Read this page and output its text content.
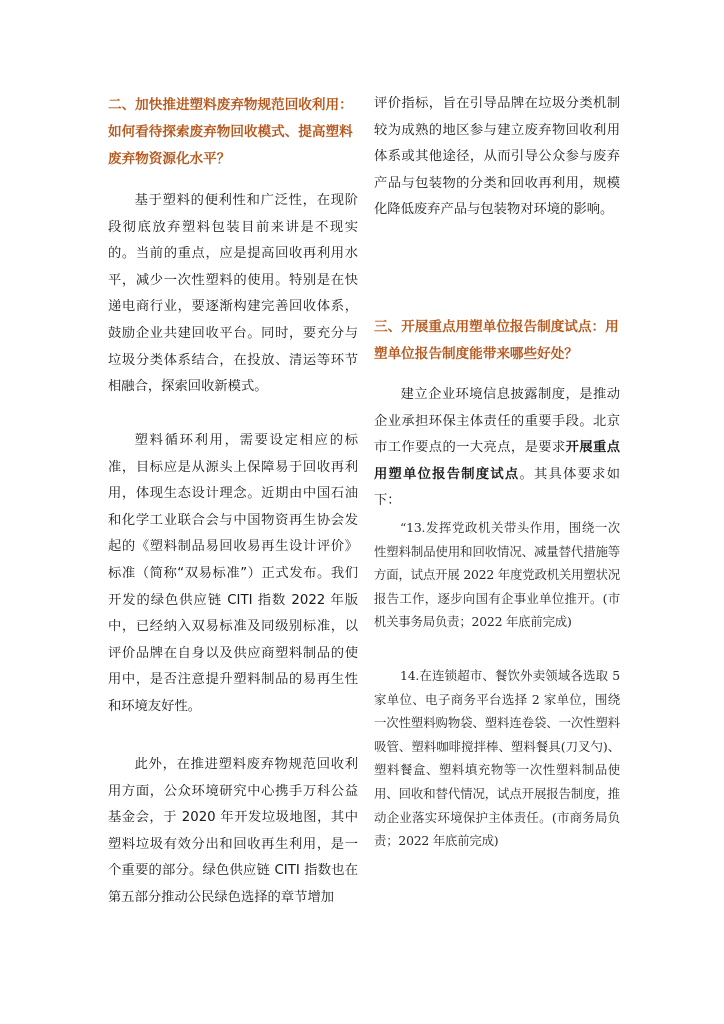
二、加快推进塑料废弃物规范回收利用：如何看待探索废弃物回收模式、提高塑料废弃物资源化水平？

基于塑料的便利性和广泛性，在现阶段彻底放弃塑料包装目前来讲是不现实的。当前的重点，应是提高回收再利用水平，减少一次性塑料的使用。特别是在快递电商行业，要逐渐构建完善回收体系，鼓励企业共建回收平台。同时，要充分与垃圾分类体系结合，在投放、清运等环节相融合，探索回收新模式。

塑料循环利用，需要设定相应的标准，目标应是从源头上保障易于回收再利用，体现生态设计理念。近期由中国石油和化学工业联合会与中国物资再生协会发起的《塑料制品易回收易再生设计评价》标准（简称“双易标准”）正式发布。我们开发的绿色供应链 CITI 指数 2022 年版中，已经纳入双易标准及同级别标准，以评价品牌在自身以及供应商塑料制品的使用中，是否注意提升塑料制品的易再生性和环境友好性。

此外，在推进塑料废弃物规范回收利用方面，公众环境研究中心携手万科公益基金会，于 2020 年开发垃圾地图，其中塑料垃圾有效分出和回收再生利用，是一个重要的部分。绿色供应链 CITI 指数也在第五部分推动公民绿色选择的章节增加

评价指标，旨在引导品牌在垃圾分类机制较为成熟的地区参与建立废弃物回收利用体系或其他途径，从而引导公众参与废弃产品与包装物的分类和回收再利用，规模化降低废弃产品与包装物对环境的影响。

三、开展重点用塑单位报告制度试点：用塑单位报告制度能带来哪些好处？

建立企业环境信息披露制度，是推动企业承担环保主体责任的重要手段。北京市工作要点的一大亮点，是要求开展重点用塑单位报告制度试点。其具体要求如下：

“13.发挥党政机关带头作用，围绕一次性塑料制品使用和回收情况、减量替代措施等方面，试点开展 2022 年度党政机关用塑状况报告工作，逐步向国有企事业单位推开。(市机关事务局负责；2022 年底前完成)

14.在连锁超市、餐饮外卖领域各选取 5 家单位、电子商务平台选择 2 家单位，围绕一次性塑料购物袋、塑料连卷袋、一次性塑料吸管、塑料咖啡搅拌棒、塑料餐具(刀叉勺)、塑料餐盒、塑料填充物等一次性塑料制品使用、回收和替代情况，试点开展报告制度，推动企业落实环境保护主体责任。(市商务局负责；2022 年底前完成)
